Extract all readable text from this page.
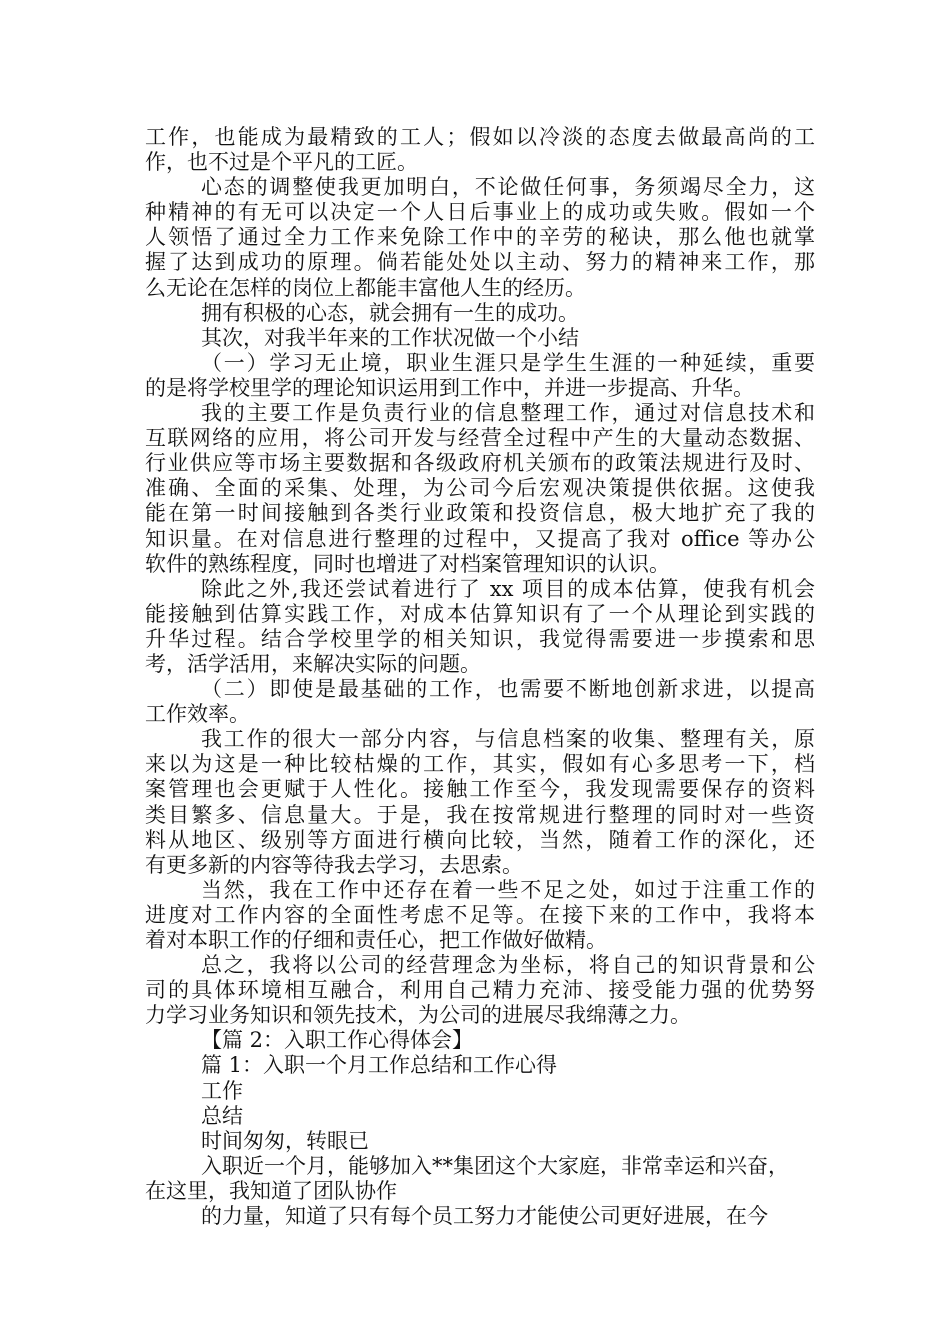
工作，也能成为最精致的工人；假如以冷淡的态度去做最高尚的工
作，也不过是个平凡的工匠。
心态的调整使我更加明白，不论做任何事，务须竭尽全力，这
种精神的有无可以决定一个人日后事业上的成功或失败。假如一个
人领悟了通过全力工作来免除工作中的辛劳的秘诀，那么他也就掌
握了达到成功的原理。倘若能处处以主动、努力的精神来工作，那
么无论在怎样的岗位上都能丰富他人生的经历。
拥有积极的心态，就会拥有一生的成功。
其次，对我半年来的工作状况做一个小结
（一）学习无止境，职业生涯只是学生生涯的一种延续，重要
的是将学校里学的理论知识运用到工作中，并进一步提高、升华。
我的主要工作是负责行业的信息整理工作，通过对信息技术和
互联网络的应用，将公司开发与经营全过程中产生的大量动态数据、
行业供应等市场主要数据和各级政府机关颁布的政策法规进行及时、
准确、全面的采集、处理，为公司今后宏观决策提供依据。这使我
能在第一时间接触到各类行业政策和投资信息，极大地扩充了我的
知识量。在对信息进行整理的过程中，又提高了我对 office 等办公
软件的熟练程度，同时也增进了对档案管理知识的认识。
除此之外,我还尝试着进行了 xx 项目的成本估算，使我有机会
能接触到估算实践工作，对成本估算知识有了一个从理论到实践的
升华过程。结合学校里学的相关知识，我觉得需要进一步摸索和思
考，活学活用，来解决实际的问题。
（二）即使是最基础的工作，也需要不断地创新求进，以提高
工作效率。
我工作的很大一部分内容，与信息档案的收集、整理有关，原
来以为这是一种比较枯燥的工作，其实，假如有心多思考一下，档
案管理也会更赋于人性化。接触工作至今，我发现需要保存的资料
类目繁多、信息量大。于是，我在按常规进行整理的同时对一些资
料从地区、级别等方面进行横向比较，当然，随着工作的深化，还
有更多新的内容等待我去学习，去思索。
当然，我在工作中还存在着一些不足之处，如过于注重工作的
进度对工作内容的全面性考虑不足等。在接下来的工作中，我将本
着对本职工作的仔细和责任心，把工作做好做精。
总之，我将以公司的经营理念为坐标，将自己的知识背景和公
司的具体环境相互融合，利用自己精力充沛、接受能力强的优势努
力学习业务知识和领先技术，为公司的进展尽我绵薄之力。
【篇 2：入职工作心得体会】
篇 1：入职一个月工作总结和工作心得
工作
总结
时间匆匆，转眼已
入职近一个月，能够加入**集团这个大家庭，非常幸运和兴奋，
在这里，我知道了团队协作
的力量，知道了只有每个员工努力才能使公司更好进展，在今
